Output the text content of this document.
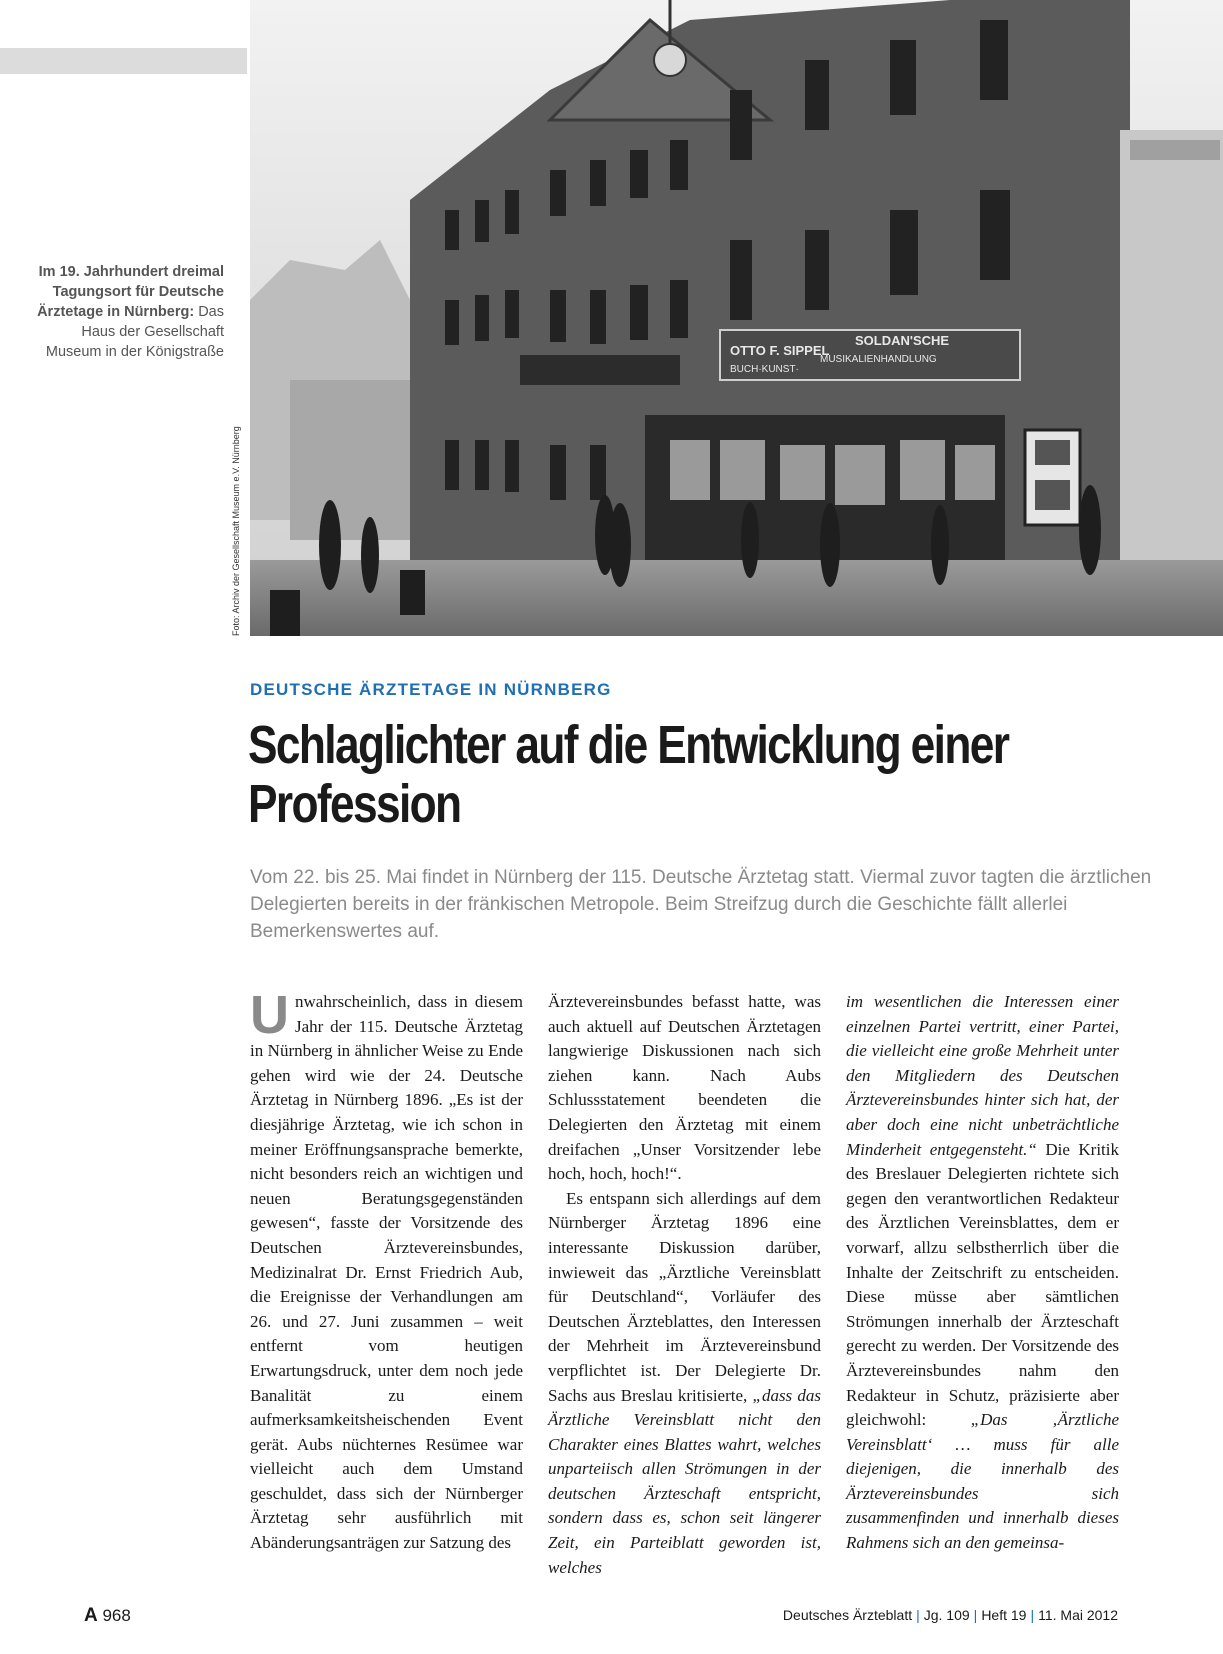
OTTO F. SIPPEL
BUCH·KUNST·
SOLDAN'SCHE
MUSIKALIENHANDLUNG
Foto: Archiv der Gesellschaft Museum e.V. Nürnberg
Im 19. Jahrhundert dreimal Tagungsort für Deutsche Ärztetage in Nürnberg: Das Haus der Gesellschaft Museum in der Königstraße
DEUTSCHE ÄRZTETAGE IN NÜRNBERG
Schlaglichter auf die Entwicklung einer Profession
Vom 22. bis 25. Mai findet in Nürnberg der 115. Deutsche Ärztetag statt. Viermal zuvor tagten die ärztlichen Delegierten bereits in der fränkischen Metropole. Beim Streifzug durch die Geschichte fällt allerlei Bemerkenswertes auf.

Unwahrscheinlich, dass in diesem Jahr der 115. Deutsche Ärztetag in Nürnberg in ähnlicher Weise zu Ende gehen wird wie der 24. Deutsche Ärztetag in Nürnberg 1896. „Es ist der diesjährige Ärztetag, wie ich schon in meiner Eröffnungsansprache bemerkte, nicht besonders reich an wichtigen und neuen Beratungsgegenständen gewesen“, fasste der Vorsitzende des Deutschen Ärztevereinsbundes, Medizinalrat Dr. Ernst Friedrich Aub, die Ereignisse der Verhandlungen am 26. und 27. Juni zusammen – weit entfernt vom heutigen Erwartungsdruck, unter dem noch jede Banalität zu einem aufmerksamkeitsheischenden Event gerät. Aubs nüchternes Resümee war vielleicht auch dem Umstand geschuldet, dass sich der Nürnberger Ärztetag sehr ausführlich mit Abänderungsanträgen zur Satzung des

Ärztevereinsbundes befasst hatte, was auch aktuell auf Deutschen Ärztetagen langwierige Diskussionen nach sich ziehen kann. Nach Aubs Schlussstatement beendeten die Delegierten den Ärztetag mit einem dreifachen „Unser Vorsitzender lebe hoch, hoch, hoch!“.

Es entspann sich allerdings auf dem Nürnberger Ärztetag 1896 eine interessante Diskussion darüber, inwieweit das „Ärztliche Vereinsblatt für Deutschland“, Vorläufer des Deutschen Ärzteblattes, den Interessen der Mehrheit im Ärztevereinsbund verpflichtet ist. Der Delegierte Dr. Sachs aus Breslau kritisierte, „dass das Ärztliche Vereinsblatt nicht den Charakter eines Blattes wahrt, welches unparteiisch allen Strömungen in der deutschen Ärzteschaft entspricht, sondern dass es, schon seit längerer Zeit, ein Parteiblatt geworden ist, welches

im wesentlichen die Interessen einer einzelnen Partei vertritt, einer Partei, die vielleicht eine große Mehrheit unter den Mitgliedern des Deutschen Ärztevereinsbundes hinter sich hat, der aber doch eine nicht unbeträchtliche Minderheit entgegensteht.“ Die Kritik des Breslauer Delegierten richtete sich gegen den verantwortlichen Redakteur des Ärztlichen Vereinsblattes, dem er vorwarf, allzu selbstherrlich über die Inhalte der Zeitschrift zu entscheiden. Diese müsse aber sämtlichen Strömungen innerhalb der Ärzteschaft gerecht zu werden. Der Vorsitzende des Ärztevereinsbundes nahm den Redakteur in Schutz, präzisierte aber gleichwohl:	„Das ‚Ärztliche Vereinsblatt‘ … muss für alle diejenigen, die innerhalb des Ärztevereinsbundes sich zusammenfinden und innerhalb dieses Rahmens sich an den gemeinsa-

A 968	Deutsches Ärzteblatt | Jg. 109 | Heft 19 | 11. Mai 2012
